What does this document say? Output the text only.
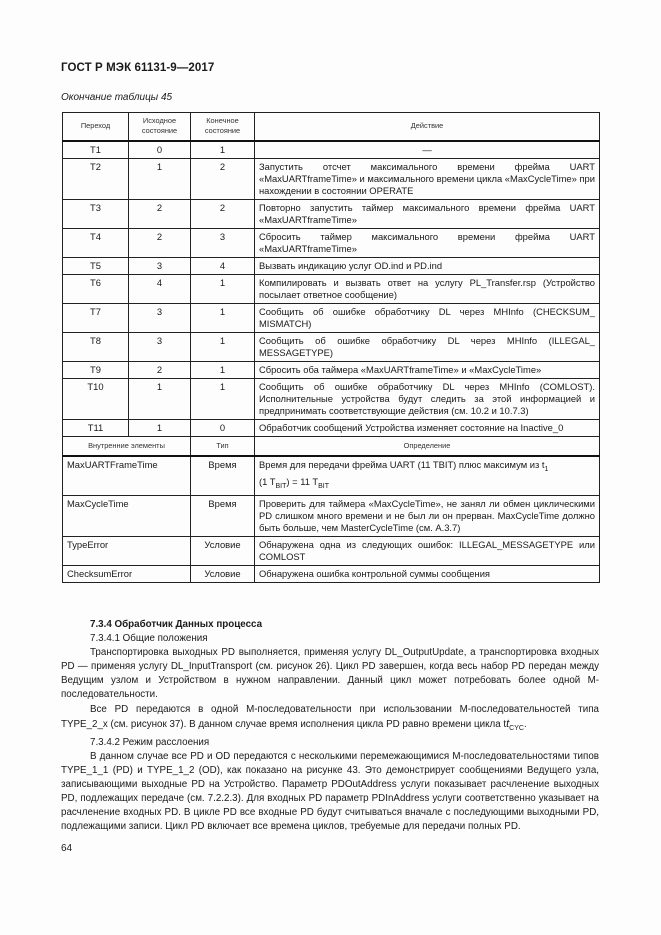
ГОСТ Р МЭК 61131-9—2017
Окончание таблицы 45
Переход	Исходное состояние	Конечное состояние	Действие
T1	0	1	—
T2	1	2	Запустить отсчет максимального времени фрейма UART «MaxUARTframeTime» и максимального времени цикла «MaxCycleTime» при нахождении в состоянии OPERATE
T3	2	2	Повторно запустить таймер максимального времени фрейма UART «MaxUARTframeTime»
T4	2	3	Сбросить таймер максимального времени фрейма UART «MaxUARTframeTime»
T5	3	4	Вызвать индикацию услуг OD.ind и PD.ind
T6	4	1	Компилировать и вызвать ответ на услугу PL_Transfer.rsp (Устройство посылает ответное сообщение)
T7	3	1	Сообщить об ошибке обработчику DL через MHInfo (CHECKSUM_ MISMATCH)
T8	3	1	Сообщить об ошибке обработчику DL через MHInfo (ILLEGAL_ MESSAGETYPE)
T9	2	1	Сбросить оба таймера «MaxUARTframeTime» и «MaxCycleTime»
T10	1	1	Сообщить об ошибке обработчику DL через MHInfo (COMLOST). Исполнительные устройства будут следить за этой информацией и предпринимать соответствующие действия (см. 10.2 и 10.7.3)
T11	1	0	Обработчик сообщений Устройства изменяет состояние на Inactive_0
Внутренние элементы		Тип	Определение
MaxUARTFrameTime		Время	Время для передачи фрейма UART (11 TBIT) плюс максимум из $t_1$
(1 $T_{BIT}) = 11$ $T_{BIT}$
MaxCycleTime		Время	Проверить для таймера «MaxCycleTime», не занял ли обмен циклическими PD слишком много времени и не был ли он прерван. MaxCycleTime должно быть больше, чем MasterCycleTime (см. А.3.7)
TypeError		Условие	Обнаружена одна из следующих ошибок: ILLEGAL_MESSAGETYPE или COMLOST
ChecksumError		Условие	Обнаружена ошибка контрольной суммы сообщения

7.3.4 Обработчик Данных процесса

7.3.4.1 Общие положения

Транспортировка выходных PD выполняется, применяя услугу DL_OutputUpdate, а транспортировка входных PD — применяя услугу DL_InputTransport (см. рисунок 26). Цикл PD завершен, когда весь набор PD передан между Ведущим узлом и Устройством в нужном направлении. Данный цикл может потребовать более одной М-последовательности.

Все PD передаются в одной М-последовательности при использовании М-последовательностей типа TYPE_2_x (см. рисунок 37). В данном случае время исполнения цикла PD равно времени цикла $tt_{CYC}$.

7.3.4.2 Режим расслоения

В данном случае все PD и OD передаются с несколькими перемежающимися М-последовательностями типов TYPE_1_1 (PD) и TYPE_1_2 (OD), как показано на рисунке 43. Это демонстрирует сообщениями Ведущего узла, записывающими выходные PD на Устройство. Параметр PDOutAddress услуги показывает расчленение выходных PD, подлежащих передаче (см. 7.2.2.3). Для входных PD параметр PDInAddress услуги соответственно указывает на расчленение входных PD. В цикле PD все входные PD будут считываться вначале с последующими выходными PD, подлежащими записи. Цикл PD включает все времена циклов, требуемые для передачи полных PD.

64
